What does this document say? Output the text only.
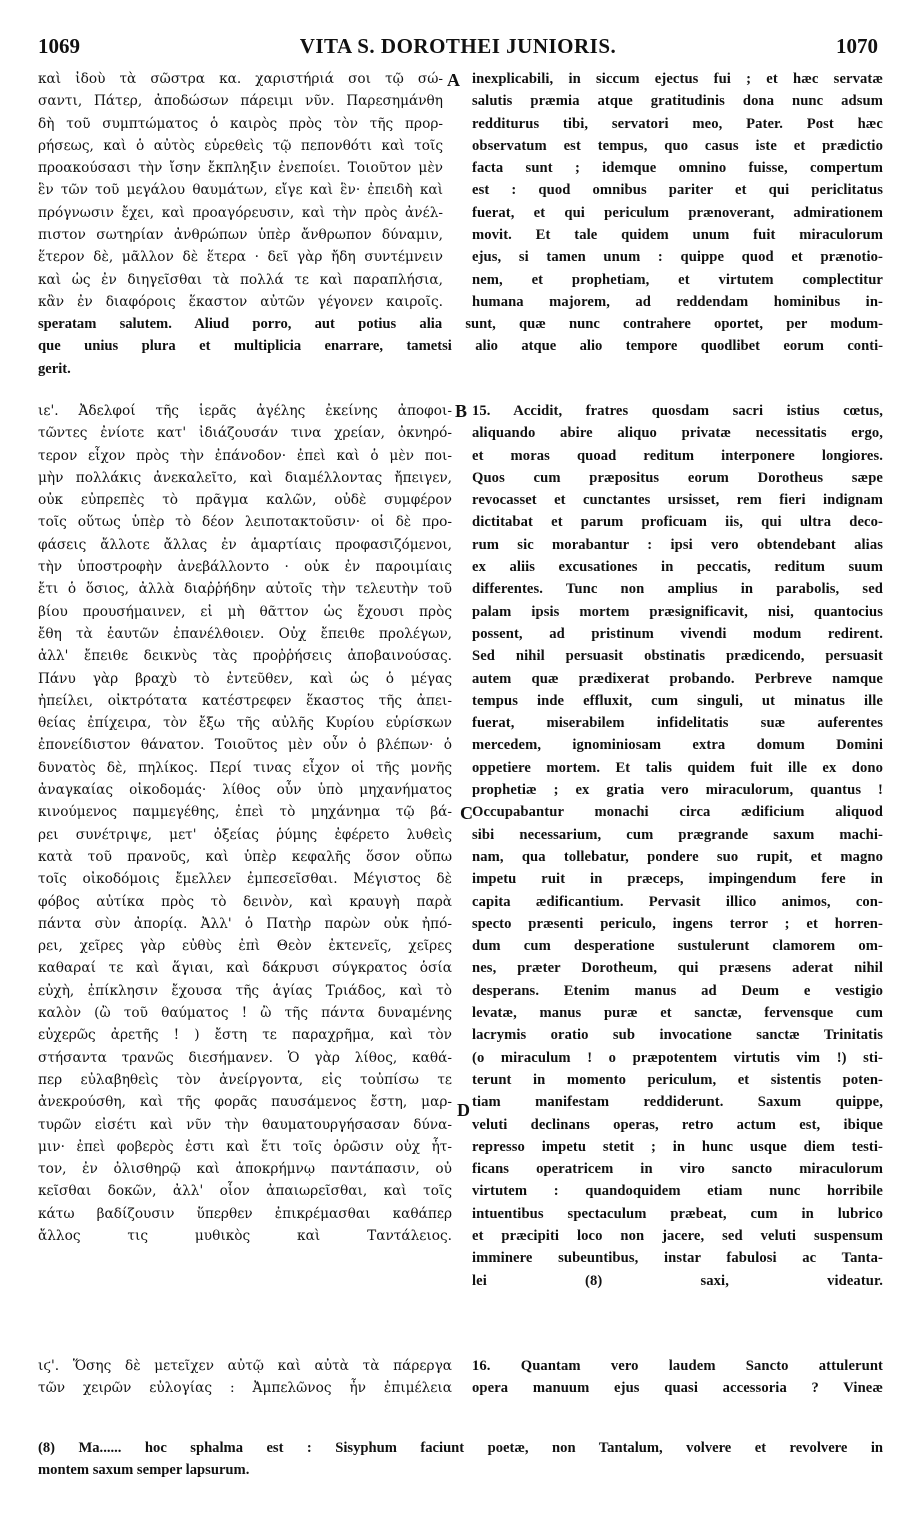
1069	VITA S. DOROTHEI JUNIORIS.	1070
A
B
C
D
καὶ ἰδοὺ τὰ σῶστρα κα. χαριστήριά σοι τῷ σώ-
σαντι, Πάτερ, ἀποδώσων πάρειμι νῦν. Παρεσημάνθη
δὴ τοῦ συμπτώματος ὁ καιρὸς πρὸς τὸν τῆς προρ-
ρήσεως, καὶ ὁ αὐτὸς εὑρεθεὶς τῷ πεπονθότι καὶ τοῖς
προακούσασι τὴν ἴσην ἔκπληξιν ἐνεποίει. Τοιοῦτον μὲν
ἓν τῶν τοῦ μεγάλου θαυμάτων, εἴγε καὶ ἓν· ἐπειδὴ καὶ
πρόγνωσιν ἔχει, καὶ προαγόρευσιν, καὶ τὴν πρὸς ἀνέλ-
πιστον σωτηρίαν ἀνθρώπων ὑπὲρ ἄνθρωπον δύναμιν,
ἕτερον δὲ, μᾶλλον δὲ ἕτερα · δεῖ γὰρ ἤδη συντέμνειν
καὶ ὡς ἐν διηγεῖσθαι τὰ πολλά τε καὶ παραπλήσια,
κἂν ἐν διαφόροις ἕκαστον αὐτῶν γέγονεν καιροῖς.
inexplicabili, in siccum ejectus fui ; et hæc servatæ
salutis præmia atque gratitudinis dona nunc adsum
redditurus tibi, servatori meo, Pater. Post hæc
observatum est tempus, quo casus iste et prædictio
facta sunt ; idemque omnino fuisse, compertum
est : quod omnibus pariter et qui periclitatus
fuerat, et qui periculum prænoverant, admirationem
movit. Et tale quidem unum fuit miraculorum
ejus, si tamen unum : quippe quod et prænotio-
nem, et prophetiam, et virtutem complectitur
humana majorem, ad reddendam hominibus in-
speratam salutem. Aliud porro, aut potius alia sunt, quæ nunc contrahere oportet, per modum-
que unius plura et multiplicia enarrare, tametsi alio atque alio tempore quodlibet eorum conti-
gerit.
ιε'. Ἀδελφοί τῆς ἱερᾶς ἀγέλης ἐκείνης ἀποφοι-
τῶντες ἐνίοτε κατ' ἰδιάζουσάν τινα χρείαν, ὀκνηρό-
τερον εἶχον πρὸς τὴν ἐπάνοδον· ἐπεὶ καὶ ὁ μὲν ποι-
μὴν πολλάκις ἀνεκαλεῖτο, καὶ διαμέλλοντας ἤπειγεν,
οὐκ εὐπρεπὲς τὸ πρᾶγμα καλῶν, οὐδὲ συμφέρον
τοῖς οὕτως ὑπὲρ τὸ δέον λειποτακτοῦσιν· οἱ δὲ προ-
φάσεις ἄλλοτε ἄλλας ἐν ἁμαρτίαις προφασιζόμενοι,
τὴν ὑποστροφὴν ἀνεβάλλοντο · οὐκ ἐν παροιμίαις
ἔτι ὁ ὅσιος, ἀλλὰ διαῤῥήδην αὐτοῖς τὴν τελευτὴν τοῦ
βίου προυσήμαινεν, εἰ μὴ θᾶττον ὡς ἔχουσι πρὸς
ἔθη τὰ ἑαυτῶν ἐπανέλθοιεν. Οὐχ ἔπειθε προλέγων,
ἀλλ' ἔπειθε δεικνὺς τὰς προῤῥήσεις ἀποβαινούσας.
Πάνυ γὰρ βραχὺ τὸ ἐντεῦθεν, καὶ ὡς ὁ μέγας
ἠπείλει, οἰκτρότατα κατέστρεφεν ἕκαστος τῆς ἀπει-
θείας ἐπίχειρα, τὸν ἔξω τῆς αὐλῆς Κυρίου εὑρίσκων
ἐπονείδιστον θάνατον. Τοιοῦτος μὲν οὖν ὁ βλέπων· ὁ
δυνατὸς δὲ, πηλίκος. Περί τινας εἶχον οἱ τῆς μονῆς
ἀναγκαίας οἰκοδομάς· λίθος οὖν ὑπὸ μηχανήματος
κινούμενος παμμεγέθης, ἐπεὶ τὸ μηχάνημα τῷ βά-
ρει συνέτριψε, μετ' ὀξείας ῥύμης ἐφέρετο λυθεὶς
κατὰ τοῦ πρανοῦς, καὶ ὑπὲρ κεφαλῆς ὅσον οὔπω
τοῖς οἰκοδόμοις ἔμελλεν ἐμπεσεῖσθαι. Μέγιστος δὲ
φόβος αὐτίκα πρὸς τὸ δεινὸν, καὶ κραυγὴ παρὰ
πάντα σὺν ἀπορίᾳ. Ἀλλ' ὁ Πατὴρ παρὼν οὐκ ἠπό-
ρει, χεῖρες γὰρ εὐθὺς ἐπὶ Θεὸν ἐκτενεῖς, χεῖρες
καθαραί τε καὶ ἅγιαι, καὶ δάκρυσι σύγκρατος ὁσία
εὐχὴ, ἐπίκλησιν ἔχουσα τῆς ἁγίας Τριάδος, καὶ τὸ
καλὸν (ὢ τοῦ θαύματος ! ὢ τῆς πάντα δυναμένης
εὐχερῶς ἀρετῆς ! ) ἔστη τε παραχρῆμα, καὶ τὸν
στήσαντα τρανῶς διεσήμανεν. Ὁ γὰρ λίθος, καθά-
περ εὐλαβηθεὶς τὸν ἀνείργοντα, εἰς τοὐπίσω τε
ἀνεκρούσθη, καὶ τῆς φορᾶς παυσάμενος ἔστη, μαρ-
τυρῶν εἰσέτι καὶ νῦν τὴν θαυματουργήσασαν δύνα-
μιν· ἐπεὶ φοβερὸς ἐστι καὶ ἔτι τοῖς ὁρῶσιν οὐχ ἧτ-
τον, ἐν ὀλισθηρῷ καὶ ἀποκρήμνῳ παντάπασιν, οὐ
κεῖσθαι δοκῶν, ἀλλ' οἷον ἀπαιωρεῖσθαι, καὶ τοῖς
κάτω βαδίζουσιν ὕπερθεν ἐπικρέμασθαι καθάπερ
ἄλλος τις μυθικὸς καὶ Ταντάλειος.
15. Accidit, fratres quosdam sacri istius cœtus,
aliquando abire aliquo privatæ necessitatis ergo,
et moras quoad reditum interponere longiores.
Quos cum præpositus eorum Dorotheus sæpe
revocasset et cunctantes ursisset, rem fieri indignam
dictitabat et parum proficuam iis, qui ultra deco-
rum sic morabantur : ipsi vero obtendebant alias
ex aliis excusationes in peccatis, reditum suum
differentes. Tunc non amplius in parabolis, sed
palam ipsis mortem præsignificavit, nisi, quantocius
possent, ad pristinum vivendi modum redirent.
Sed nihil persuasit obstinatis prædicendo, persuasit
autem quæ prædixerat probando. Perbreve namque
tempus inde effluxit, cum singuli, ut minatus ille
fuerat, miserabilem infidelitatis suæ auferentes
mercedem, ignominiosam extra domum Domini
oppetiere mortem. Et talis quidem fuit ille ex dono
prophetiæ ; ex gratia vero miraculorum, quantus !
Occupabantur monachi circa ædificium aliquod
sibi necessarium, cum prægrande saxum machi-
nam, qua tollebatur, pondere suo rupit, et magno
impetu ruit in præceps, impingendum fere in
capita ædificantium. Pervasit illico animos, con-
specto præsenti periculo, ingens terror ; et horren-
dum cum desperatione sustulerunt clamorem om-
nes, præter Dorotheum, qui præsens aderat nihil
desperans. Etenim manus ad Deum e vestigio
levatæ, manus puræ et sanctæ, fervensque cum
lacrymis oratio sub invocatione sanctæ Trinitatis
(o miraculum ! o præpotentem virtutis vim !) sti-
terunt in momento periculum, et sistentis poten-
tiam manifestam reddiderunt. Saxum quippe,
veluti declinans operas, retro actum est, ibique
represso impetu stetit ; in hunc usque diem testi-
ficans operatricem in viro sancto miraculorum
virtutem : quandoquidem etiam nunc horribile
intuentibus spectaculum præbeat, cum in lubrico
et præcipiti loco non jacere, sed veluti suspensum
imminere subeuntibus, instar fabulosi ac Tanta-
lei (8) saxi, videatur.
ιϛ'. Ὅσης δὲ μετεῖχεν αὐτῷ καὶ αὐτὰ τὰ πάρεργα
τῶν χειρῶν εὐλογίας : Ἀμπελῶνος ἦν ἐπιμέλεια
16. Quantam vero laudem Sancto attulerunt
opera manuum ejus quasi accessoria ? Vineæ
(8) Ma...... hoc sphalma est : Sisyphum faciunt poetæ, non Tantalum, volvere et revolvere in
montem saxum semper lapsurum.
